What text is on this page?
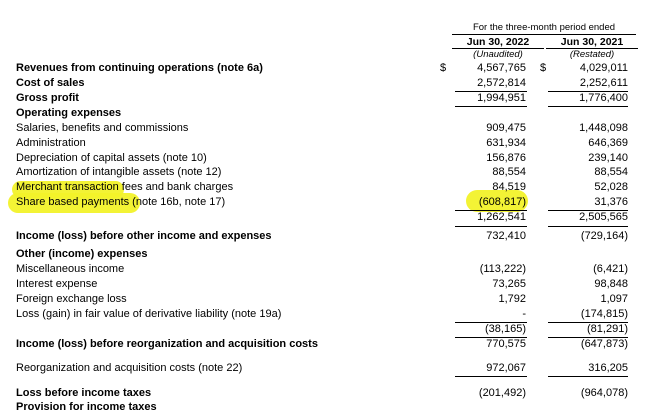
For the three-month period ended
Jun 30, 2022	Jun 30, 2021
(Unaudited)	(Restated)
Revenues from continuing operations (note 6a)	$	4,567,765 $	4,029,011
Cost of sales	2,572,814	2,252,611
Gross profit	1,994,951	1,776,400
Operating expenses
Salaries, benefits and commissions	909,475	1,448,098
Administration	631,934	646,369
Depreciation of capital assets (note 10)	156,876	239,140
Amortization of intangible assets (note 12)	88,554	88,554
Merchant transaction fees and bank charges	84,519	52,028
Share based payments (note 16b, note 17)	(608,817)	31,376
1,262,541	2,505,565
Income (loss) before other income and expenses	732,410	(729,164)
Other (income) expenses
Miscellaneous income	(113,222)	(6,421)
Interest expense	73,265	98,848
Foreign exchange loss	1,792	1,097
Loss (gain) in fair value of derivative liability (note 19a)	-	(174,815)
(38,165)	(81,291)
Income (loss) before reorganization and acquisition costs	770,575	(647,873)
Reorganization and acquisition costs (note 22)	972,067	316,205
Loss before income taxes	(201,492)	(964,078)
Provision for income taxes
